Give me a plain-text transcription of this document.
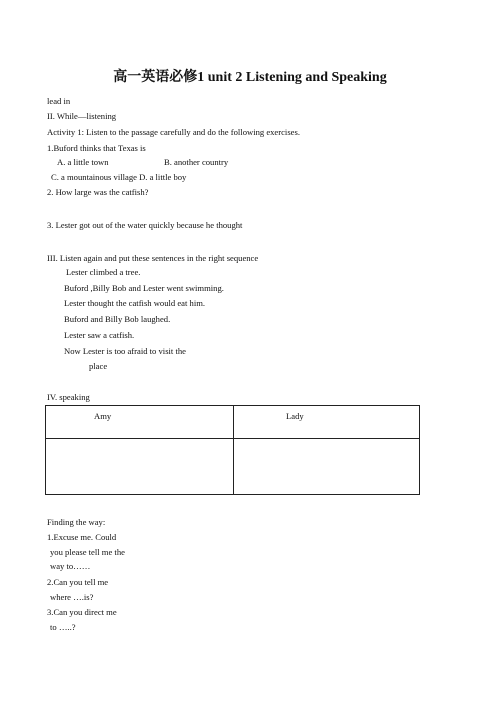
高一英语必修1 unit 2 Listening and Speaking
lead in
II. While—listening
Activity 1: Listen to the passage carefully and do the following exercises.
1.Buford thinks that Texas is
A. a little town	B. another country
C. a mountainous village D. a little boy
2. How large was the catfish?
3. Lester got out of the water quickly because he thought
III. Listen again and put these sentences in the right sequence
Lester climbed a tree.
Buford ,Billy Bob and Lester went swimming.
Lester thought the catfish would eat him.
Buford and Billy Bob laughed.
Lester saw a catfish.
Now Lester is too afraid to visit the
place
IV. speaking
Amy	Lady
Finding the way:
1.Excuse me. Could
you please tell me the
way to……
2.Can you tell me
where ….is?
3.Can you direct me
to …..?
